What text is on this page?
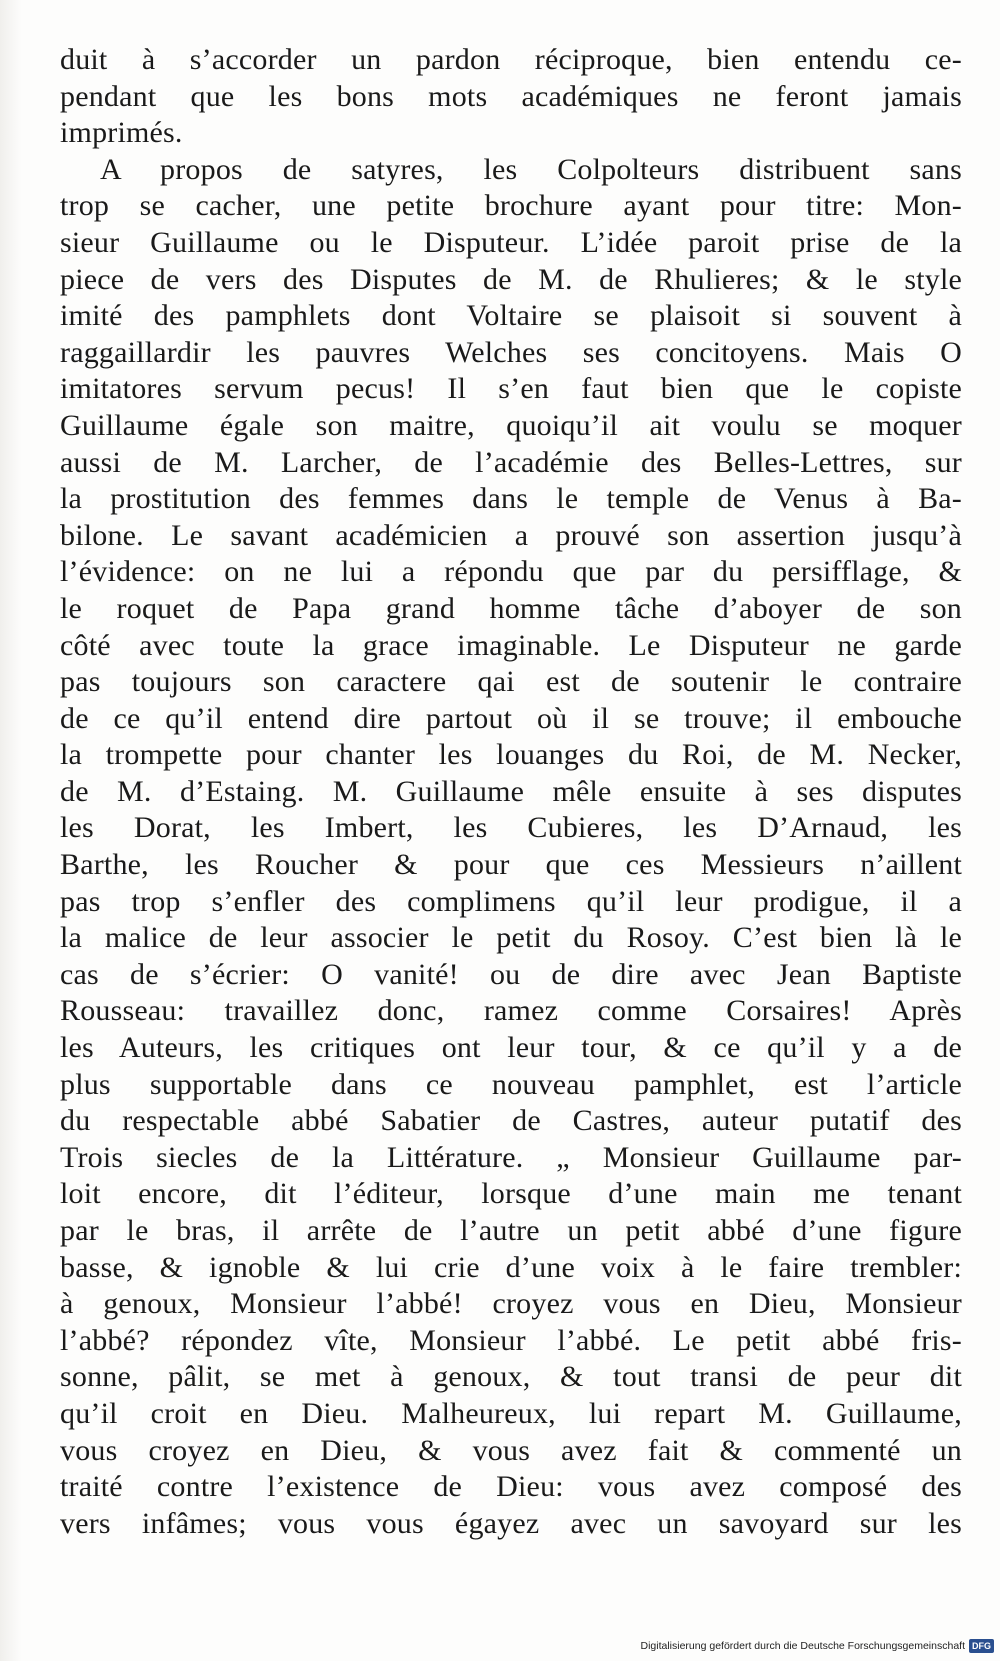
duit à s’accorder un pardon réciproque, bien entendu ce-
pendant que les bons mots académiques ne feront jamais
imprimés.
A propos de satyres, les Colpolteurs distribuent sans
trop se cacher, une petite brochure ayant pour titre: Mon-
sieur Guillaume ou le Disputeur. L’idée paroit prise de la
piece de vers des Disputes de M. de Rhulieres; & le style
imité des pamphlets dont Voltaire se plaisoit si souvent à
raggaillardir les pauvres Welches ses concitoyens. Mais O
imitatores servum pecus! Il s’en faut bien que le copiste
Guillaume égale son maitre, quoiqu’il ait voulu se moquer
aussi de M. Larcher, de l’académie des Belles-Lettres, sur
la prostitution des femmes dans le temple de Venus à Ba-
bilone. Le savant académicien a prouvé son assertion jusqu’à
l’évidence: on ne lui a répondu que par du persifflage, &
le roquet de Papa grand homme tâche d’aboyer de son
côté avec toute la grace imaginable. Le Disputeur ne garde
pas toujours son caractere qai est de soutenir le contraire
de ce qu’il entend dire partout où il se trouve; il embouche
la trompette pour chanter les louanges du Roi, de M. Necker,
de M. d’Estaing. M. Guillaume mêle ensuite à ses disputes
les Dorat, les Imbert, les Cubieres, les D’Arnaud, les
Barthe, les Roucher & pour que ces Messieurs n’aillent
pas trop s’enfler des complimens qu’il leur prodigue, il a
la malice de leur associer le petit du Rosoy. C’est bien là le
cas de s’écrier: O vanité! ou de dire avec Jean Baptiste
Rousseau: travaillez donc, ramez comme Corsaires! Après
les Auteurs, les critiques ont leur tour, & ce qu’il y a de
plus supportable dans ce nouveau pamphlet, est l’article
du respectable abbé Sabatier de Castres, auteur putatif des
Trois siecles de la Littérature. „ Monsieur Guillaume par-
loit encore, dit l’éditeur, lorsque d’une main me tenant
par le bras, il arrête de l’autre un petit abbé d’une figure
basse, & ignoble & lui crie d’une voix à le faire trembler:
à genoux, Monsieur l’abbé! croyez vous en Dieu, Monsieur
l’abbé? répondez vîte, Monsieur l’abbé. Le petit abbé fris-
sonne, pâlit, se met à genoux, & tout transi de peur dit
qu’il croit en Dieu. Malheureux, lui repart M. Guillaume,
vous croyez en Dieu, & vous avez fait & commenté un
traité contre l’existence de Dieu: vous avez composé des
vers infâmes; vous vous égayez avec un savoyard sur les
Digitalisierung gefördert durch die Deutsche Forschungsgemeinschaft DFG
